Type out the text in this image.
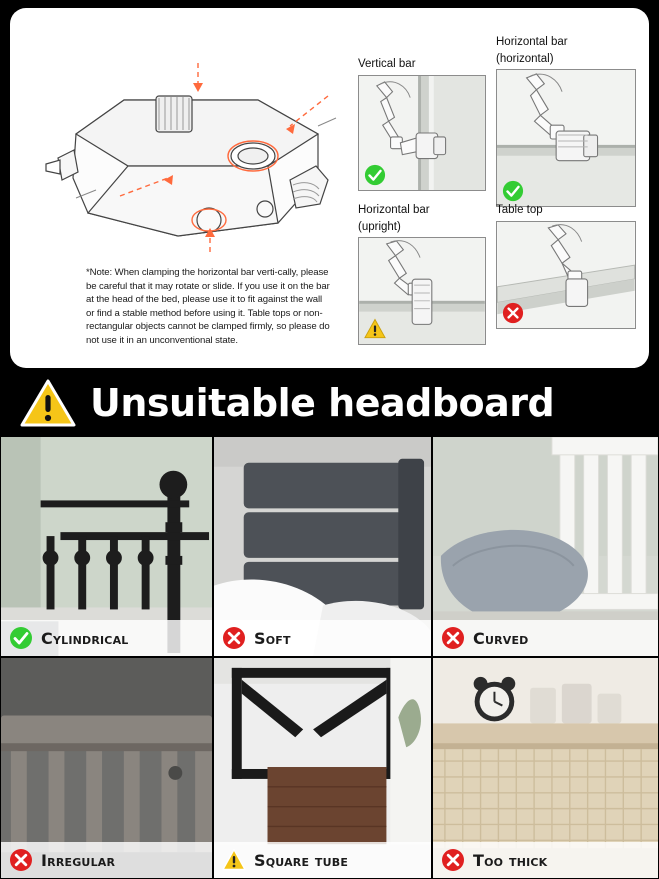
*Note: When clamping the horizontal bar verti-cally, please be careful that it may rotate or slide. If you use it on the bar at the head of the bed, please use it to fit against the wall or find a stable method before using it. Table tops or non-rectangular objects cannot be clamped firmly, so please do not use it in an unconventional state.
Vertical bar
Horizontal bar
(horizontal)
Horizontal bar
(upright)
Table top
Unsuitable headboard
Cylindrical	Soft	Curved
Irregular	Square tube	Too thick
